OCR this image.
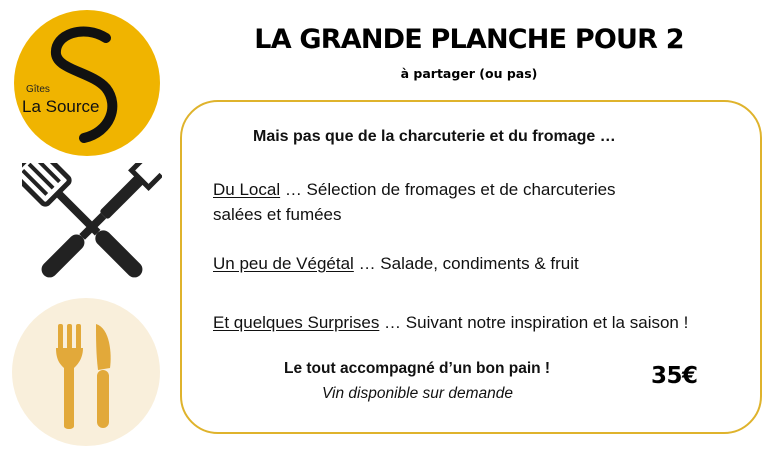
Gîtes
La Source
LA GRANDE PLANCHE POUR 2
à partager (ou pas)
Mais pas que de la charcuterie et du fromage …
Du Local … Sélection de fromages et de charcuteries
salées et fumées
Un peu de Végétal … Salade, condiments & fruit
Et quelques Surprises … Suivant notre inspiration et la saison !
Le tout accompagné d’un bon pain !
Vin disponible sur demande
35€
